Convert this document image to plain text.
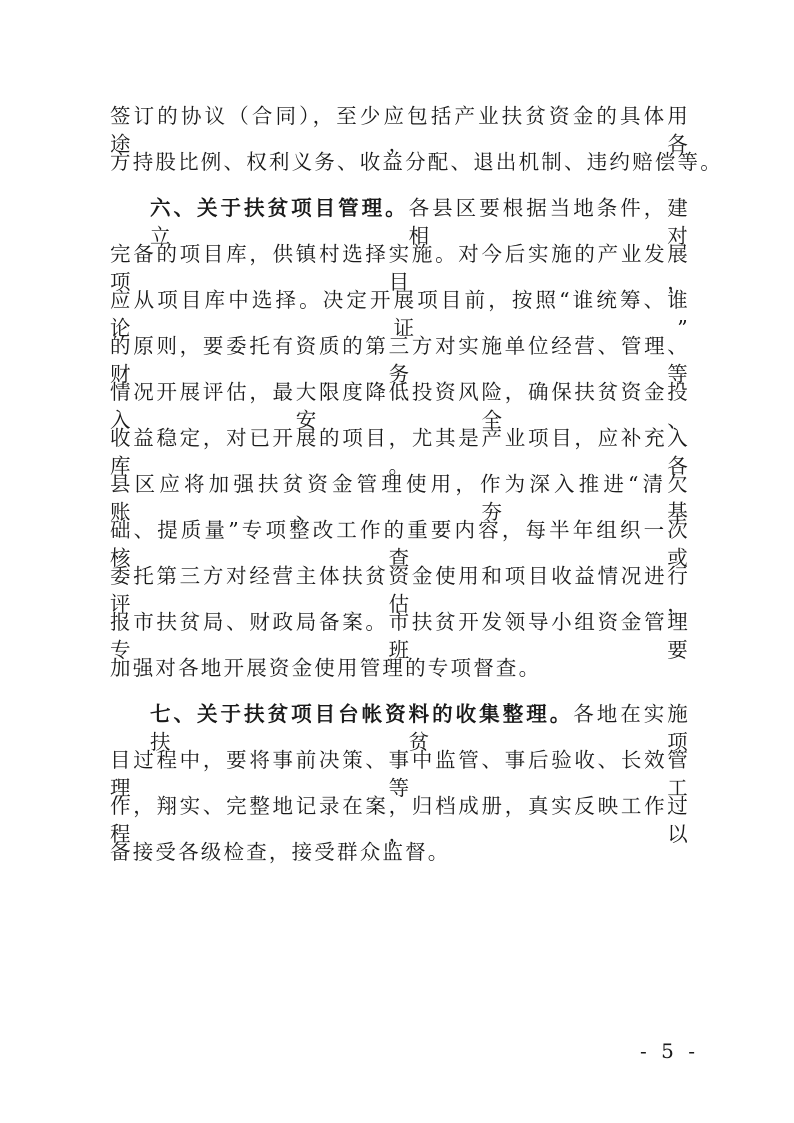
签订的协议（合同），至少应包括产业扶贫资金的具体用途，各
方持股比例、权利义务、收益分配、退出机制、违约赔偿等。
六、关于扶贫项目管理。各县区要根据当地条件，建立相对
完备的项目库，供镇村选择实施。对今后实施的产业发展项目，
应从项目库中选择。决定开展项目前，按照“谁统筹、谁论证”
的原则，要委托有资质的第三方对实施单位经营、管理、财务等
情况开展评估，最大限度降低投资风险，确保扶贫资金投入安全、
收益稳定，对已开展的项目，尤其是产业项目，应补充入库。各
县区应将加强扶贫资金管理使用，作为深入推进“清欠账、夯基
础、提质量”专项整改工作的重要内容，每半年组织一次核查或
委托第三方对经营主体扶贫资金使用和项目收益情况进行评估，
报市扶贫局、财政局备案。市扶贫开发领导小组资金管理专班要
加强对各地开展资金使用管理的专项督查。
七、关于扶贫项目台帐资料的收集整理。各地在实施扶贫项
目过程中，要将事前决策、事中监管、事后验收、长效管理等工
作，翔实、完整地记录在案，归档成册，真实反映工作过程，以
备接受各级检查，接受群众监督。
- 5 -
